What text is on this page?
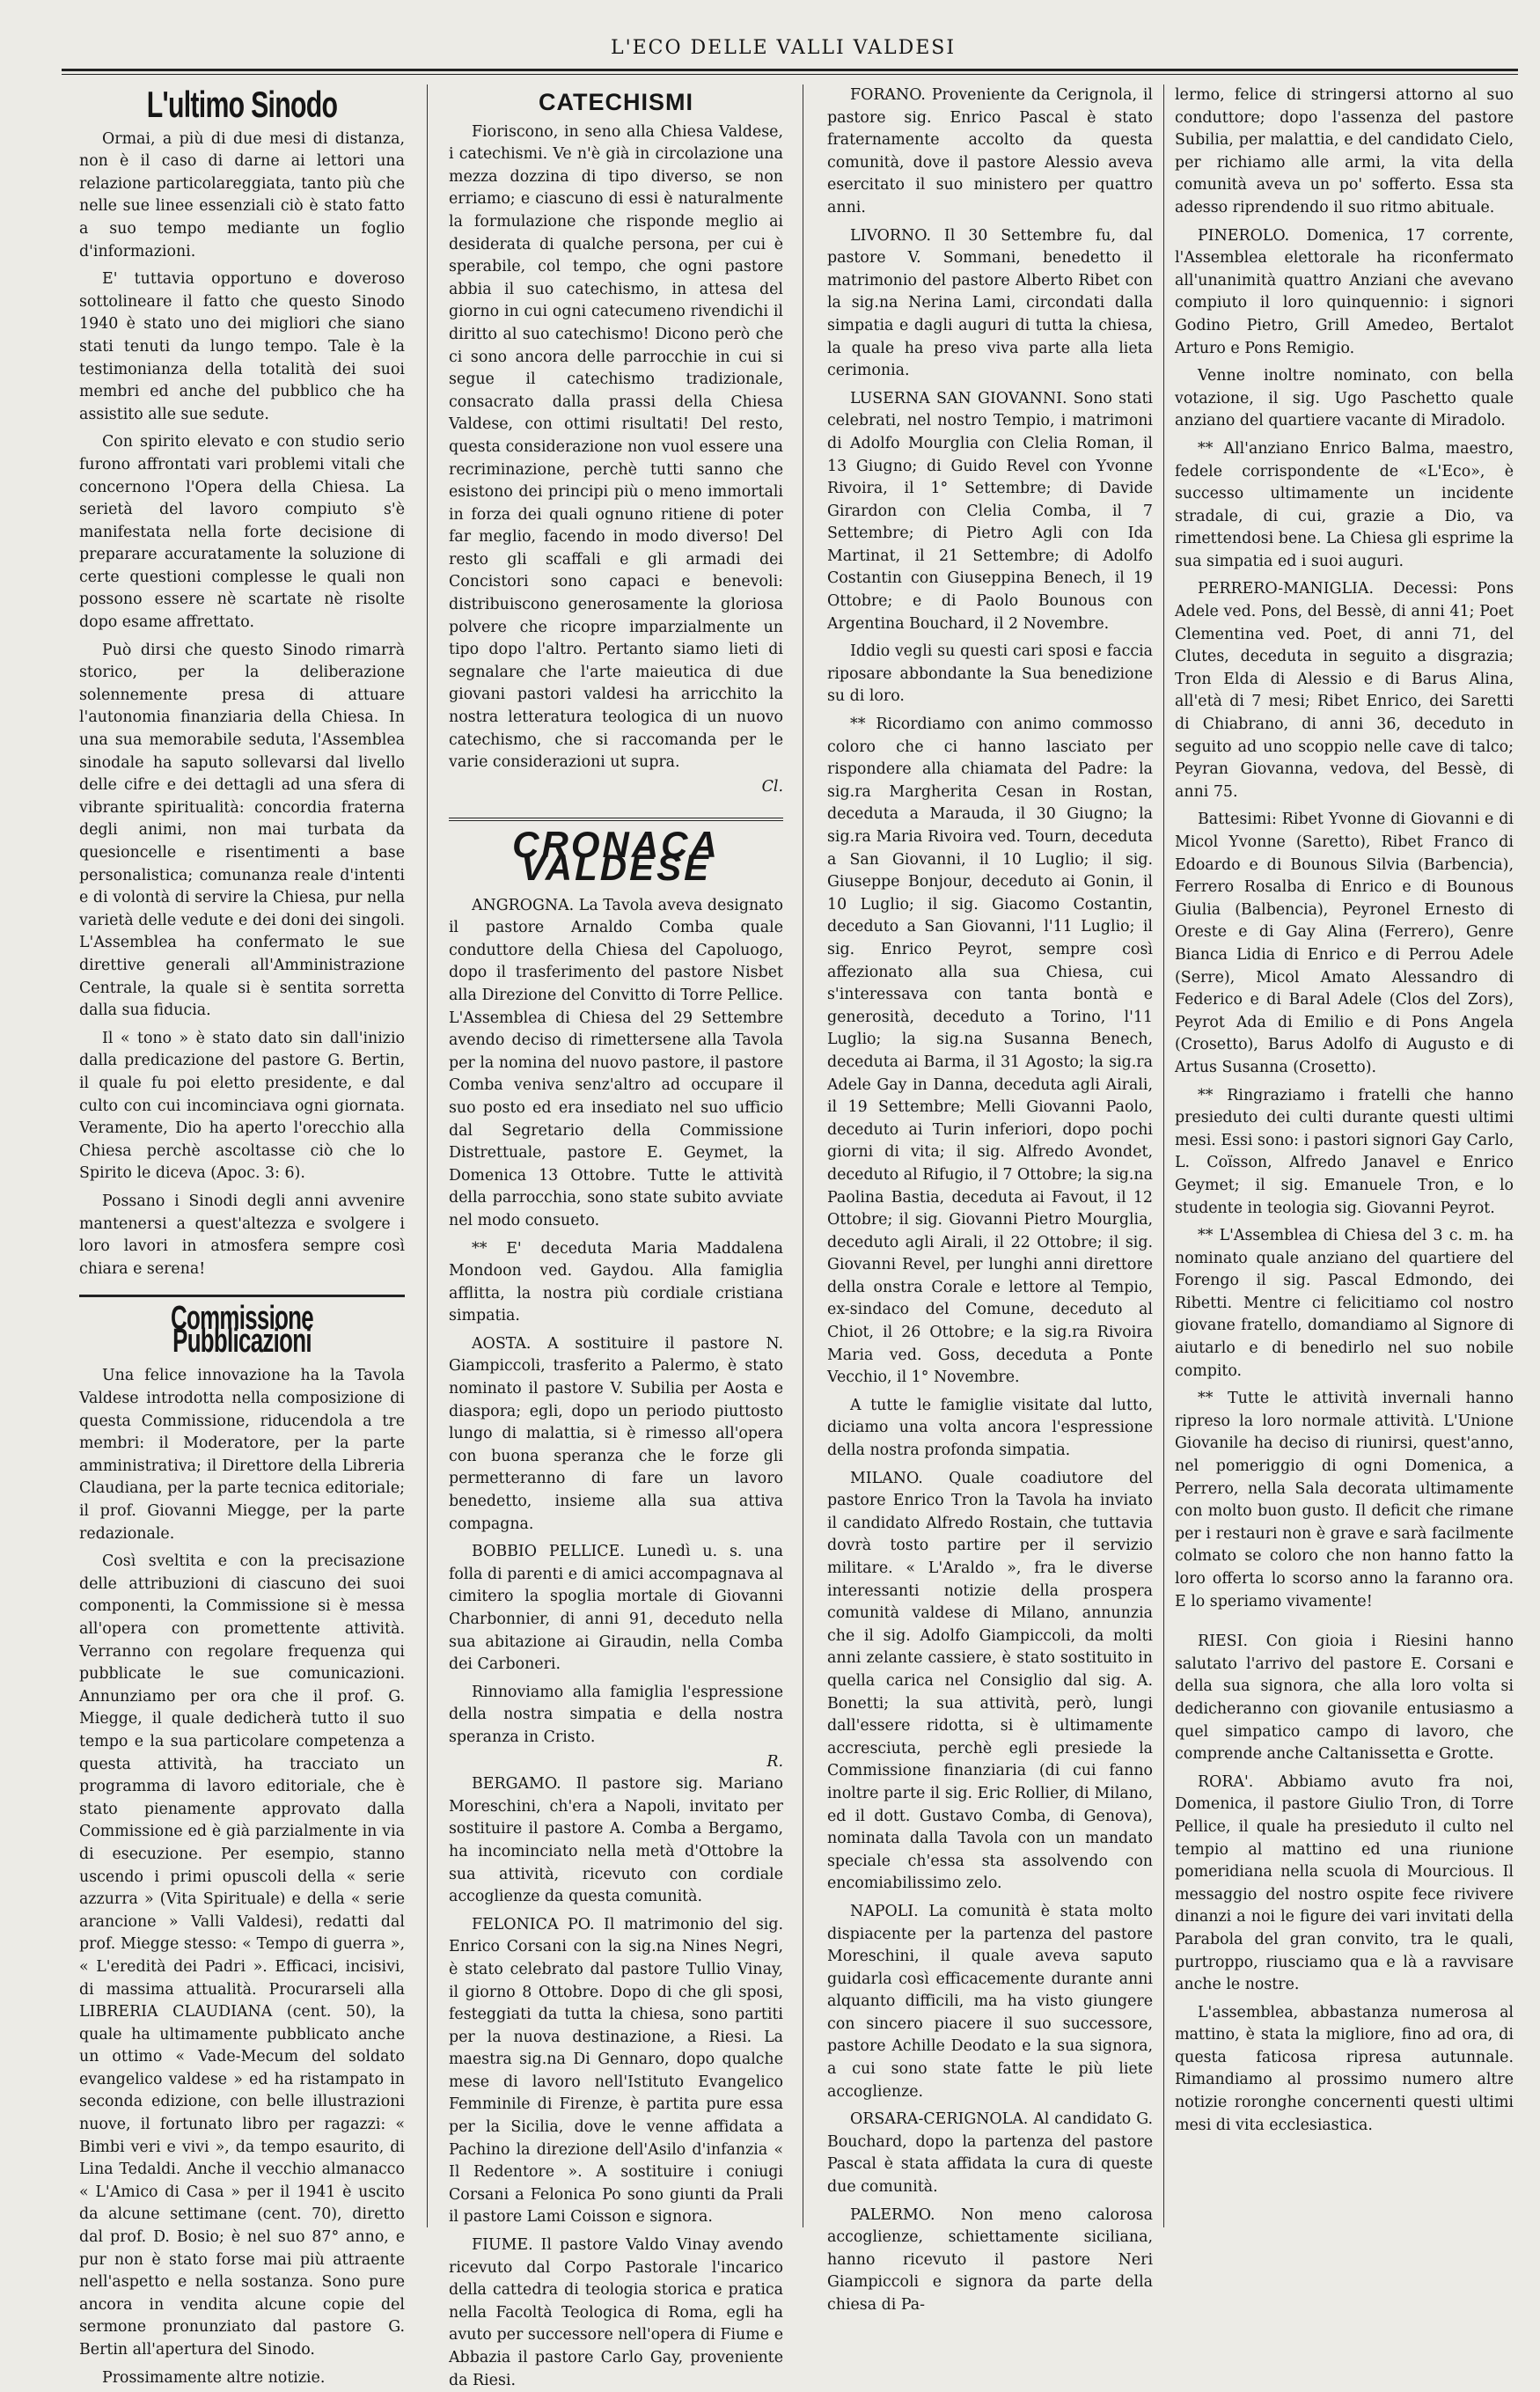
L'ECO DELLE VALLI VALDESI
L'ultimo Sinodo

Ormai, a più di due mesi di distanza, non è il caso di darne ai lettori una relazione particolareggiata, tanto più che nelle sue linee essenziali ciò è stato fatto a suo tempo mediante un foglio d'informazioni.

E' tuttavia opportuno e doveroso sottolineare il fatto che questo Sinodo 1940 è stato uno dei migliori che siano stati tenuti da lungo tempo. Tale è la testimonianza della totalità dei suoi membri ed anche del pubblico che ha assistito alle sue sedute.

Con spirito elevato e con studio serio furono affrontati vari problemi vitali che concernono l'Opera della Chiesa. La serietà del lavoro compiuto s'è manifestata nella forte decisione di preparare accuratamente la soluzione di certe questioni complesse le quali non possono essere nè scartate nè risolte dopo esame affrettato.

Può dirsi che questo Sinodo rimarrà storico, per la deliberazione solennemente presa di attuare l'autonomia finanziaria della Chiesa. In una sua memorabile seduta, l'Assemblea sinodale ha saputo sollevarsi dal livello delle cifre e dei dettagli ad una sfera di vibrante spiritualità: concordia fraterna degli animi, non mai turbata da quesioncelle e risentimenti a base personalistica; comunanza reale d'intenti e di volontà di servire la Chiesa, pur nella varietà delle vedute e dei doni dei singoli. L'Assemblea ha confermato le sue direttive generali all'Amministrazione Centrale, la quale si è sentita sorretta dalla sua fiducia.

Il « tono » è stato dato sin dall'inizio dalla predicazione del pastore G. Bertin, il quale fu poi eletto presidente, e dal culto con cui incominciava ogni giornata. Veramente, Dio ha aperto l'orecchio alla Chiesa perchè ascoltasse ciò che lo Spirito le diceva (Apoc. 3: 6).

Possano i Sinodi degli anni avvenire mantenersi a quest'altezza e svolgere i loro lavori in atmosfera sempre così chiara e serena!

Commissione Pubblicazioni

Una felice innovazione ha la Tavola Valdese introdotta nella composizione di questa Commissione, riducendola a tre membri: il Moderatore, per la parte amministrativa; il Direttore della Libreria Claudiana, per la parte tecnica editoriale; il prof. Giovanni Miegge, per la parte redazionale.

Così sveltita e con la precisazione delle attribuzioni di ciascuno dei suoi componenti, la Commissione si è messa all'opera con promettente attività. Verranno con regolare frequenza qui pubblicate le sue comunicazioni. Annunziamo per ora che il prof. G. Miegge, il quale dedicherà tutto il suo tempo e la sua particolare competenza a questa attività, ha tracciato un programma di lavoro editoriale, che è stato pienamente approvato dalla Commissione ed è già parzialmente in via di esecuzione. Per esempio, stanno uscendo i primi opuscoli della « serie azzurra » (Vita Spirituale) e della « serie arancione » Valli Valdesi), redatti dal prof. Miegge stesso: « Tempo di guerra », « L'eredità dei Padri ». Efficaci, incisivi, di massima attualità. Procurarseli alla LIBRERIA CLAUDIANA (cent. 50), la quale ha ultimamente pubblicato anche un ottimo « Vade-Mecum del soldato evangelico valdese » ed ha ristampato in seconda edizione, con belle illustrazioni nuove, il fortunato libro per ragazzi: « Bimbi veri e vivi », da tempo esaurito, di Lina Tedaldi. Anche il vecchio almanacco « L'Amico di Casa » per il 1941 è uscito da alcune settimane (cent. 70), diretto dal prof. D. Bosio; è nel suo 87° anno, e pur non è stato forse mai più attraente nell'aspetto e nella sostanza. Sono pure ancora in vendita alcune copie del sermone pronunziato dal pastore G. Bertin all'apertura del Sinodo.

Prossimamente altre notizie.

CATECHISMI

Fioriscono, in seno alla Chiesa Valdese, i catechismi. Ve n'è già in circolazione una mezza dozzina di tipo diverso, se non erriamo; e ciascuno di essi è naturalmente la formulazione che risponde meglio ai desiderata di qualche persona, per cui è sperabile, col tempo, che ogni pastore abbia il suo catechismo, in attesa del giorno in cui ogni catecumeno rivendichi il diritto al suo catechismo! Dicono però che ci sono ancora delle parrocchie in cui si segue il catechismo tradizionale, consacrato dalla prassi della Chiesa Valdese, con ottimi risultati! Del resto, questa considerazione non vuol essere una recriminazione, perchè tutti sanno che esistono dei principi più o meno immortali in forza dei quali ognuno ritiene di poter far meglio, facendo in modo diverso! Del resto gli scaffali e gli armadi dei Concistori sono capaci e benevoli: distribuiscono generosamente la gloriosa polvere che ricopre imparzialmente un tipo dopo l'altro. Pertanto siamo lieti di segnalare che l'arte maieutica di due giovani pastori valdesi ha arricchito la nostra letteratura teologica di un nuovo catechismo, che si raccomanda per le varie considerazioni ut supra.

Cl.
CRONACA VALDESE

ANGROGNA. La Tavola aveva designato il pastore Arnaldo Comba quale conduttore della Chiesa del Capoluogo, dopo il trasferimento del pastore Nisbet alla Direzione del Convitto di Torre Pellice. L'Assemblea di Chiesa del 29 Settembre avendo deciso di rimettersene alla Tavola per la nomina del nuovo pastore, il pastore Comba veniva senz'altro ad occupare il suo posto ed era insediato nel suo ufficio dal Segretario della Commissione Distrettuale, pastore E. Geymet, la Domenica 13 Ottobre. Tutte le attività della parrocchia, sono state subito avviate nel modo consueto.

** E' deceduta Maria Maddalena Mondoon ved. Gaydou. Alla famiglia afflitta, la nostra più cordiale cristiana simpatia.

AOSTA. A sostituire il pastore N. Giampiccoli, trasferito a Palermo, è stato nominato il pastore V. Subilia per Aosta e diaspora; egli, dopo un periodo piuttosto lungo di malattia, si è rimesso all'opera con buona speranza che le forze gli permetteranno di fare un lavoro benedetto, insieme alla sua attiva compagna.

BOBBIO PELLICE. Lunedì u. s. una folla di parenti e di amici accompagnava al cimitero la spoglia mortale di Giovanni Charbonnier, di anni 91, deceduto nella sua abitazione ai Giraudin, nella Comba dei Carboneri.

Rinnoviamo alla famiglia l'espressione della nostra simpatia e della nostra speranza in Cristo.

R.

BERGAMO. Il pastore sig. Mariano Moreschini, ch'era a Napoli, invitato per sostituire il pastore A. Comba a Bergamo, ha incominciato nella metà d'Ottobre la sua attività, ricevuto con cordiale accoglienze da questa comunità.

FELONICA PO. Il matrimonio del sig. Enrico Corsani con la sig.na Nines Negri, è stato celebrato dal pastore Tullio Vinay, il giorno 8 Ottobre. Dopo di che gli sposi, festeggiati da tutta la chiesa, sono partiti per la nuova destinazione, a Riesi. La maestra sig.na Di Gennaro, dopo qualche mese di lavoro nell'Istituto Evangelico Femminile di Firenze, è partita pure essa per la Sicilia, dove le venne affidata a Pachino la direzione dell'Asilo d'infanzia « Il Redentore ». A sostituire i coniugi Corsani a Felonica Po sono giunti da Prali il pastore Lami Coisson e signora.

FIUME. Il pastore Valdo Vinay avendo ricevuto dal Corpo Pastorale l'incarico della cattedra di teologia storica e pratica nella Facoltà Teologica di Roma, egli ha avuto per successore nell'opera di Fiume e Abbazia il pastore Carlo Gay, proveniente da Riesi.

FORANO. Proveniente da Cerignola, il pastore sig. Enrico Pascal è stato fraternamente accolto da questa comunità, dove il pastore Alessio aveva esercitato il suo ministero per quattro anni.

LIVORNO. Il 30 Settembre fu, dal pastore V. Sommani, benedetto il matrimonio del pastore Alberto Ribet con la sig.na Nerina Lami, circondati dalla simpatia e dagli auguri di tutta la chiesa, la quale ha preso viva parte alla lieta cerimonia.

LUSERNA SAN GIOVANNI. Sono stati celebrati, nel nostro Tempio, i matrimoni di Adolfo Mourglia con Clelia Roman, il 13 Giugno; di Guido Revel con Yvonne Rivoira, il 1° Settembre; di Davide Girardon con Clelia Comba, il 7 Settembre; di Pietro Agli con Ida Martinat, il 21 Settembre; di Adolfo Costantin con Giuseppina Benech, il 19 Ottobre; e di Paolo Bounous con Argentina Bouchard, il 2 Novembre.

Iddio vegli su questi cari sposi e faccia riposare abbondante la Sua benedizione su di loro.

** Ricordiamo con animo commosso coloro che ci hanno lasciato per rispondere alla chiamata del Padre: la sig.ra Margherita Cesan in Rostan, deceduta a Marauda, il 30 Giugno; la sig.ra Maria Rivoira ved. Tourn, deceduta a San Giovanni, il 10 Luglio; il sig. Giuseppe Bonjour, deceduto ai Gonin, il 10 Luglio; il sig. Giacomo Costantin, deceduto a San Giovanni, l'11 Luglio; il sig. Enrico Peyrot, sempre così affezionato alla sua Chiesa, cui s'interessava con tanta bontà e generosità, deceduto a Torino, l'11 Luglio; la sig.na Susanna Benech, deceduta ai Barma, il 31 Agosto; la sig.ra Adele Gay in Danna, deceduta agli Airali, il 19 Settembre; Melli Giovanni Paolo, deceduto ai Turin inferiori, dopo pochi giorni di vita; il sig. Alfredo Avondet, deceduto al Rifugio, il 7 Ottobre; la sig.na Paolina Bastia, deceduta ai Favout, il 12 Ottobre; il sig. Giovanni Pietro Mourglia, deceduto agli Airali, il 22 Ottobre; il sig. Giovanni Revel, per lunghi anni direttore della onstra Corale e lettore al Tempio, ex-sindaco del Comune, deceduto al Chiot, il 26 Ottobre; e la sig.ra Rivoira Maria ved. Goss, deceduta a Ponte Vecchio, il 1° Novembre.

A tutte le famiglie visitate dal lutto, diciamo una volta ancora l'espressione della nostra profonda simpatia.

MILANO. Quale coadiutore del pastore Enrico Tron la Tavola ha inviato il candidato Alfredo Rostain, che tuttavia dovrà tosto partire per il servizio militare. « L'Araldo », fra le diverse interessanti notizie della prospera comunità valdese di Milano, annunzia che il sig. Adolfo Giampiccoli, da molti anni zelante cassiere, è stato sostituito in quella carica nel Consiglio dal sig. A. Bonetti; la sua attività, però, lungi dall'essere ridotta, si è ultimamente accresciuta, perchè egli presiede la Commissione finanziaria (di cui fanno inoltre parte il sig. Eric Rollier, di Milano, ed il dott. Gustavo Comba, di Genova), nominata dalla Tavola con un mandato speciale ch'essa sta assolvendo con encomiabilissimo zelo.

NAPOLI. La comunità è stata molto dispiacente per la partenza del pastore Moreschini, il quale aveva saputo guidarla così efficacemente durante anni alquanto difficili, ma ha visto giungere con sincero piacere il suo successore, pastore Achille Deodato e la sua signora, a cui sono state fatte le più liete accoglienze.

ORSARA-CERIGNOLA. Al candidato G. Bouchard, dopo la partenza del pastore Pascal è stata affidata la cura di queste due comunità.

PALERMO. Non meno calorosa accoglienze, schiettamente siciliana, hanno ricevuto il pastore Neri Giampiccoli e signora da parte della chiesa di Pa-

lermo, felice di stringersi attorno al suo conduttore; dopo l'assenza del pastore Subilia, per malattia, e del candidato Cielo, per richiamo alle armi, la vita della comunità aveva un po' sofferto. Essa sta adesso riprendendo il suo ritmo abituale.

PINEROLO. Domenica, 17 corrente, l'Assemblea elettorale ha riconfermato all'unanimità quattro Anziani che avevano compiuto il loro quinquennio: i signori Godino Pietro, Grill Amedeo, Bertalot Arturo e Pons Remigio.

Venne inoltre nominato, con bella votazione, il sig. Ugo Paschetto quale anziano del quartiere vacante di Miradolo.

** All'anziano Enrico Balma, maestro, fedele corrispondente de «L'Eco», è successo ultimamente un incidente stradale, di cui, grazie a Dio, va rimettendosi bene. La Chiesa gli esprime la sua simpatia ed i suoi auguri.

PERRERO-MANIGLIA. Decessi: Pons Adele ved. Pons, del Bessè, di anni 41; Poet Clementina ved. Poet, di anni 71, del Clutes, deceduta in seguito a disgrazia; Tron Elda di Alessio e di Barus Alina, all'età di 7 mesi; Ribet Enrico, dei Saretti di Chiabrano, di anni 36, deceduto in seguito ad uno scoppio nelle cave di talco; Peyran Giovanna, vedova, del Bessè, di anni 75.

Battesimi: Ribet Yvonne di Giovanni e di Micol Yvonne (Saretto), Ribet Franco di Edoardo e di Bounous Silvia (Barbencia), Ferrero Rosalba di Enrico e di Bounous Giulia (Balbencia), Peyronel Ernesto di Oreste e di Gay Alina (Ferrero), Genre Bianca Lidia di Enrico e di Perrou Adele (Serre), Micol Amato Alessandro di Federico e di Baral Adele (Clos del Zors), Peyrot Ada di Emilio e di Pons Angela (Crosetto), Barus Adolfo di Augusto e di Artus Susanna (Crosetto).

** Ringraziamo i fratelli che hanno presieduto dei culti durante questi ultimi mesi. Essi sono: i pastori signori Gay Carlo, L. Coïsson, Alfredo Janavel e Enrico Geymet; il sig. Emanuele Tron, e lo studente in teologia sig. Giovanni Peyrot.

** L'Assemblea di Chiesa del 3 c. m. ha nominato quale anziano del quartiere del Forengo il sig. Pascal Edmondo, dei Ribetti. Mentre ci felicitiamo col nostro giovane fratello, domandiamo al Signore di aiutarlo e di benedirlo nel suo nobile compito.

** Tutte le attività invernali hanno ripreso la loro normale attività. L'Unione Giovanile ha deciso di riunirsi, quest'anno, nel pomeriggio di ogni Domenica, a Perrero, nella Sala decorata ultimamente con molto buon gusto. Il deficit che rimane per i restauri non è grave e sarà facilmente colmato se coloro che non hanno fatto la loro offerta lo scorso anno la faranno ora. E lo speriamo vivamente!

RIESI. Con gioia i Riesini hanno salutato l'arrivo del pastore E. Corsani e della sua signora, che alla loro volta si dedicheranno con giovanile entusiasmo a quel simpatico campo di lavoro, che comprende anche Caltanissetta e Grotte.

RORA'. Abbiamo avuto fra noi, Domenica, il pastore Giulio Tron, di Torre Pellice, il quale ha presieduto il culto nel tempio al mattino ed una riunione pomeridiana nella scuola di Mourcious. Il messaggio del nostro ospite fece rivivere dinanzi a noi le figure dei vari invitati della Parabola del gran convito, tra le quali, purtroppo, riusciamo qua e là a ravvisare anche le nostre.

L'assemblea, abbastanza numerosa al mattino, è stata la migliore, fino ad ora, di questa faticosa ripresa autunnale. Rimandiamo al prossimo numero altre notizie roronghe concernenti questi ultimi mesi di vita ecclesiastica.
